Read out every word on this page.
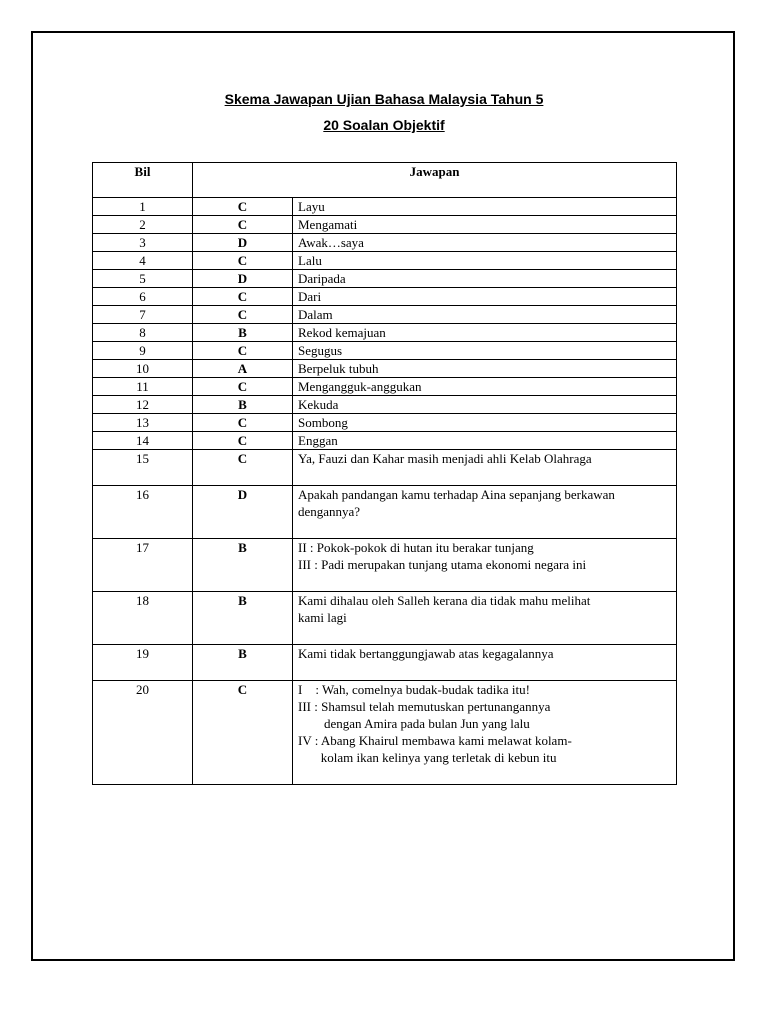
Skema Jawapan Ujian Bahasa Malaysia Tahun 5
20 Soalan Objektif
Bil	Jawapan	
1	C	Layu

2	C	Mengamati

3	D	Awak…saya

4	C	Lalu

5	D	Daripada

6	C	Dari

7	C	Dalam

8	B	Rekod kemajuan

9	C	Segugus

10	A	Berpeluk tubuh

11	C	Mengangguk-anggukan

12	B	Kekuda

13	C	Sombong

14	C	Enggan

15	C	Ya, Fauzi dan Kahar masih menjadi ahli Kelab Olahraga

16	D	Apakah pandangan kamu terhadap Aina sepanjang berkawan
dengannya?

17	B	II : Pokok-pokok di hutan itu berakar tunjang
III : Padi merupakan tunjang utama ekonomi negara ini

18	B	Kami dihalau oleh Salleh kerana dia tidak mahu melihat
kami lagi

19	B	Kami tidak bertanggungjawab atas kegagalannya

20	C	I    : Wah, comelnya budak-budak tadika itu!
III : Shamsul telah memutuskan pertunangannya
dengan Amira pada bulan Jun yang lalu
IV : Abang Khairul membawa kami melawat kolam-
kolam ikan kelinya yang terletak di kebun itu
